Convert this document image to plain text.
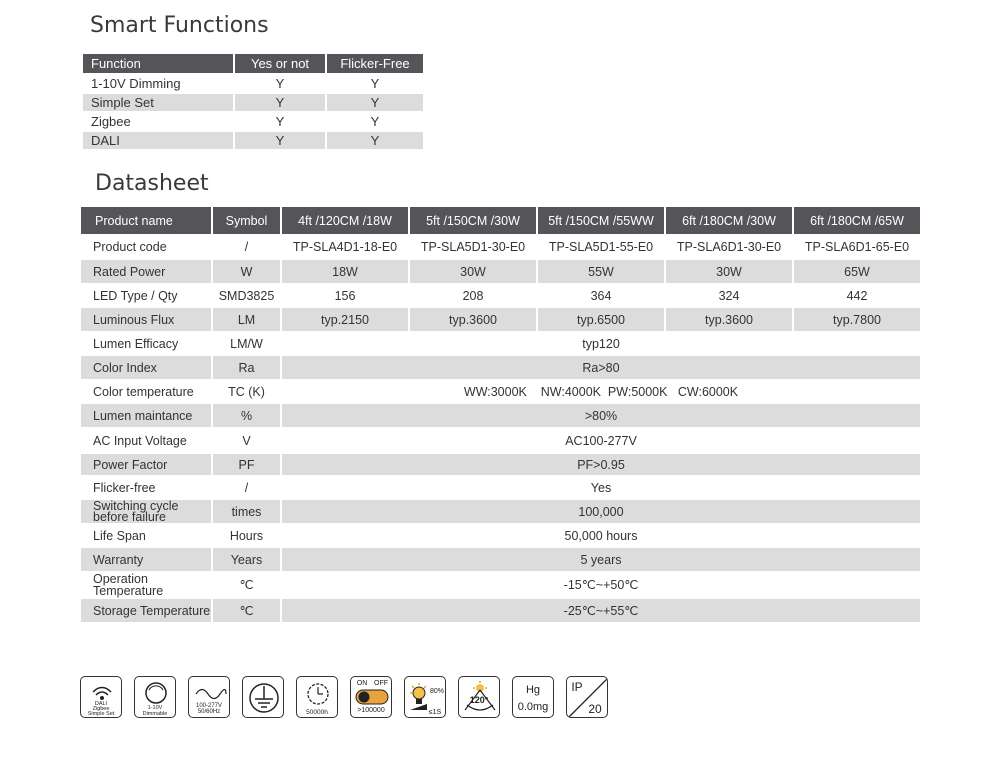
Smart Functions
Function	Yes or not	Flicker-Free
1-10V Dimming	Y	Y
Simple Set	Y	Y
Zigbee	Y	Y
DALI	Y	Y
Datasheet
Product name	Symbol	4ft /120CM /18W	5ft /150CM /30W	5ft /150CM /55WW	6ft /180CM /30W	6ft /180CM /65W
Product code	/	TP-SLA4D1-18-E0	TP-SLA5D1-30-E0	TP-SLA5D1-55-E0	TP-SLA6D1-30-E0	TP-SLA6D1-65-E0
Rated Power	W	18W	30W	55W	30W	65W
LED Type / Qty	SMD3825	156	208	364	324	442
Luminous Flux	LM	typ.2150	typ.3600	typ.6500	typ.3600	typ.7800
Lumen Efficacy	LM/W	typ120				
Color Index	Ra	Ra>80				
Color temperature	TC (K)	WW:3000K    NW:4000K  PW:5000K   CW:6000K				
Lumen maintance	%	>80%				
AC Input Voltage	V	AC100-277V				
Power Factor	PF	PF>0.95				
Flicker-free	/	Yes				
Switching cycle before failure	times	100,000				
Life Span	Hours	50,000 hours				
Warranty	Years	5 years				
Operation Temperature	℃	-15℃~+50℃				
Storage Temperature	℃	-25℃~+55℃				
DALI
Zigbee
Simple Set
1-10V
Dimmable
100-277V
50/60Hz	50000h
ON OFF
>100000
80%
≤1S
120°
Hg
0.0mg
IP
20
